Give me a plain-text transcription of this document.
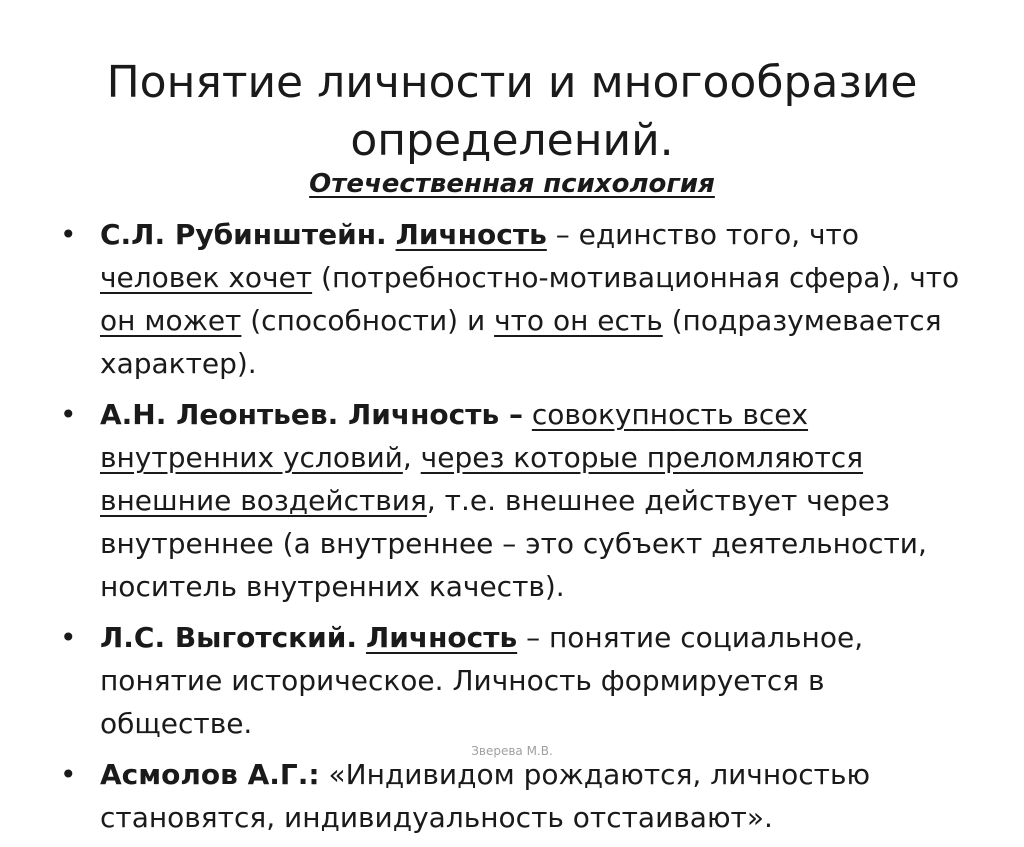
Понятие личности и многообразие определений.
Отечественная психология
• С.Л. Рубинштейн. Личность – единство того, что человек хочет (потребностно-мотивационная сфера), что он может (способности) и что он есть (подразумевается характер).
• А.Н. Леонтьев. Личность – совокупность всех внутренних условий, через которые преломляются внешние воздействия, т.е. внешнее действует через внутреннее (а внутреннее – это субъект деятельности, носитель внутренних качеств).
• Л.С. Выготский. Личность – понятие социальное, понятие историческое. Личность формируется в обществе.
• Асмолов А.Г.: «Индивидом рождаются, личностью становятся, индивидуальность отстаивают».
Зверева М.В.
